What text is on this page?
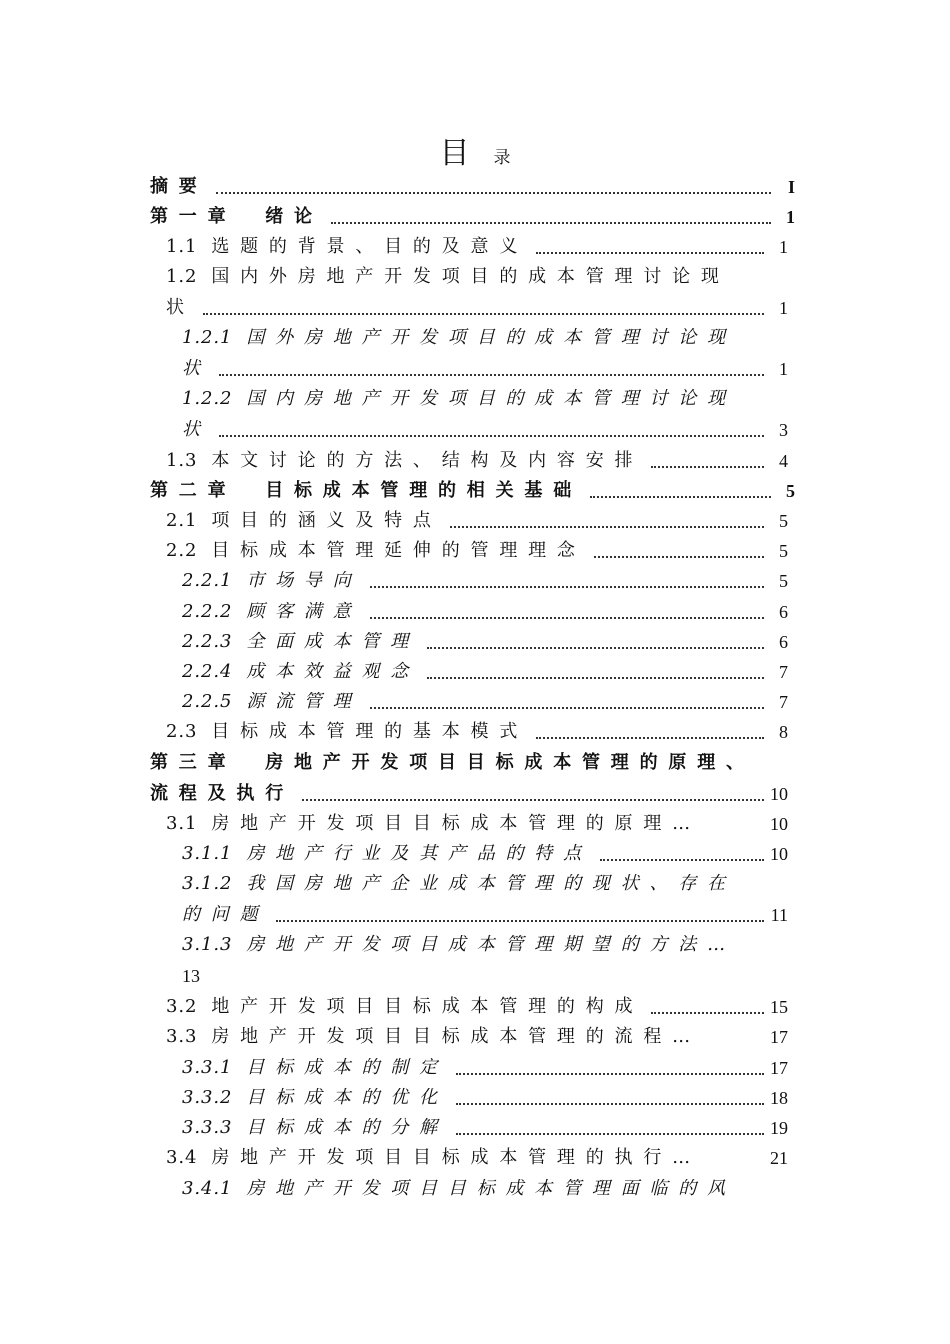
目 录
摘要	I
第一章　绪论	1
1.1 选题的背景、目的及意义	1
1.2 国内外房地产开发项目的成本管理讨论现
状	1
1.2.1 国外房地产开发项目的成本管理讨论现
状	1
1.2.2 国内房地产开发项目的成本管理讨论现
状	3
1.3 本文讨论的方法、结构及内容安排	4
第二章　目标成本管理的相关基础	5
2.1 项目的涵义及特点	5
2.2 目标成本管理延伸的管理理念	5
2.2.1 市场导向	5
2.2.2 顾客满意	6
2.2.3 全面成本管理	6
2.2.4 成本效益观念	7
2.2.5 源流管理	7
2.3 目标成本管理的基本模式	8
第三章　房地产开发项目目标成本管理的原理、
流程及执行	10
3.1 房地产开发项目目标成本管理的原理 …	10
3.1.1 房地产行业及其产品的特点	10
3.1.2 我国房地产企业成本管理的现状、存在
的问题	11
3.1.3 房地产开发项目成本管理期望的方法 …
13
3.2 地产开发项目目标成本管理的构成	15
3.3 房地产开发项目目标成本管理的流程 …	17
3.3.1 目标成本的制定	17
3.3.2 目标成本的优化	18
3.3.3 目标成本的分解	19
3.4 房地产开发项目目标成本管理的执行 …	21
3.4.1 房地产开发项目目标成本管理面临的风
